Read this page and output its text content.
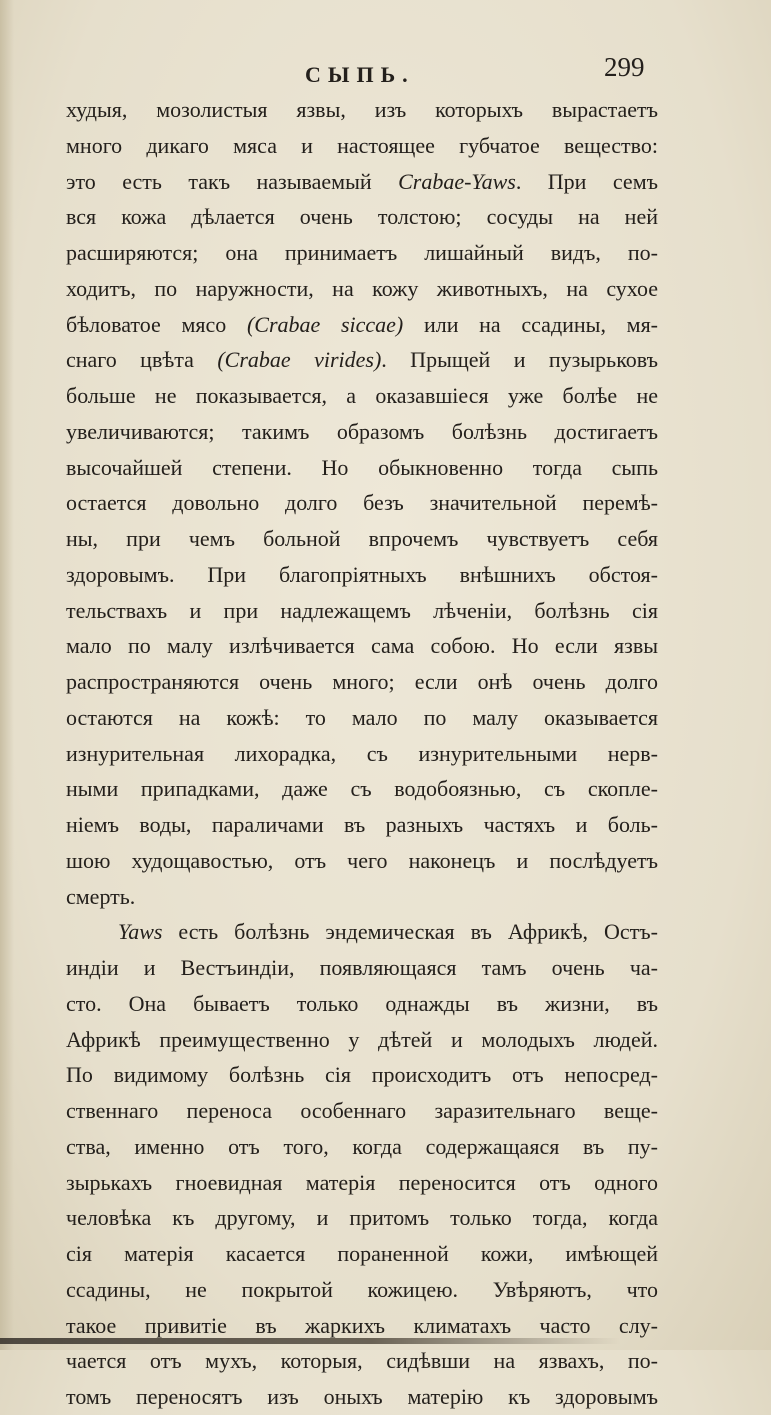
СЫПЬ.	299
худыя, мозолистыя язвы, изъ которыхъ вырастаетъ
много дикаго мяса и настоящее губчатое вещество:
это есть такъ называемый Crabae-Yaws. При семъ
вся кожа дѣлается очень толстою; сосуды на ней
расширяются; она принимаетъ лишайный видъ, по-
ходитъ, по наружности, на кожу животныхъ, на сухое
бѣловатое мясо (Crabae siccae) или на ссадины, мя-
снаго цвѣта (Crabae virides). Прыщей и пузырьковъ
больше не показывается, а оказавшiеся уже болѣе не
увеличиваются; такимъ образомъ болѣзнь достигаетъ
высочайшей степени. Но обыкновенно тогда сыпь
остается довольно долго безъ значительной перемѣ-
ны, при чемъ больной впрочемъ чувствуетъ себя
здоровымъ. При благопрiятныхъ внѣшнихъ обстоя-
тельствахъ и при надлежащемъ лѣченiи, болѣзнь сiя
мало по малу излѣчивается сама собою. Но если язвы
распространяются очень много; если онѣ очень долго
остаются на кожѣ: то мало по малу оказывается
изнурительная лихорадка, съ изнурительными нерв-
ными припадками, даже съ водобоязнью, съ скопле-
нiемъ воды, параличами въ разныхъ частяхъ и боль-
шою худощавостью, отъ чего наконецъ и послѣдуетъ
смерть.
Yaws есть болѣзнь эндемическая въ Африкѣ, Остъ-
индiи и Вестъиндiи, появляющаяся тамъ очень ча-
сто. Она бываетъ только однажды въ жизни, въ
Африкѣ преимущественно у дѣтей и молодыхъ людей.
По видимому болѣзнь сiя происходитъ отъ непосред-
ственнаго переноса особеннаго заразительнаго веще-
ства, именно отъ того, когда содержащаяся въ пу-
зырькахъ гноевидная матерiя переносится отъ одного
человѣка къ другому, и притомъ только тогда, когда
сiя матерiя касается пораненной кожи, имѣющей
ссадины, не покрытой кожицею. Увѣряютъ, что
такое привитiе въ жаркихъ климатахъ часто слу-
чается отъ мухъ, которыя, сидѣвши на язвахъ, по-
томъ переносятъ изъ оныхъ матерiю къ здоровымъ
